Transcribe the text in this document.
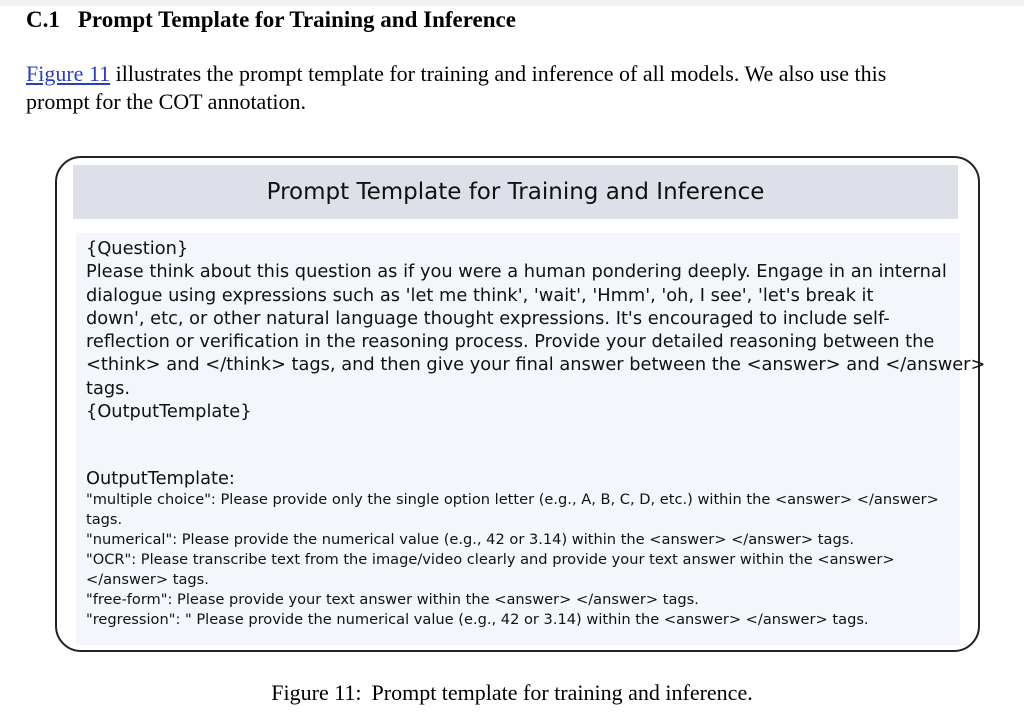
C.1 Prompt Template for Training and Inference
Figure 11 illustrates the prompt template for training and inference of all models. We also use this
prompt for the COT annotation.
Prompt Template for Training and Inference
{Question}
Please think about this question as if you were a human pondering deeply. Engage in an internal
dialogue using expressions such as 'let me think', 'wait', 'Hmm', 'oh, I see', 'let's break it
down', etc, or other natural language thought expressions. It's encouraged to include self-
reflection or verification in the reasoning process. Provide your detailed reasoning between the
<think> and </think> tags, and then give your final answer between the <answer> and </answer>
tags.
{OutputTemplate}
OutputTemplate:
"multiple choice": Please provide only the single option letter (e.g., A, B, C, D, etc.) within the <answer> </answer>
tags.
"numerical": Please provide the numerical value (e.g., 42 or 3.14) within the <answer> </answer> tags.
"OCR": Please transcribe text from the image/video clearly and provide your text answer within the <answer>
</answer> tags.
"free-form": Please provide your text answer within the <answer> </answer> tags.
"regression": " Please provide the numerical value (e.g., 42 or 3.14) within the <answer> </answer> tags.
Figure 11: Prompt template for training and inference.
